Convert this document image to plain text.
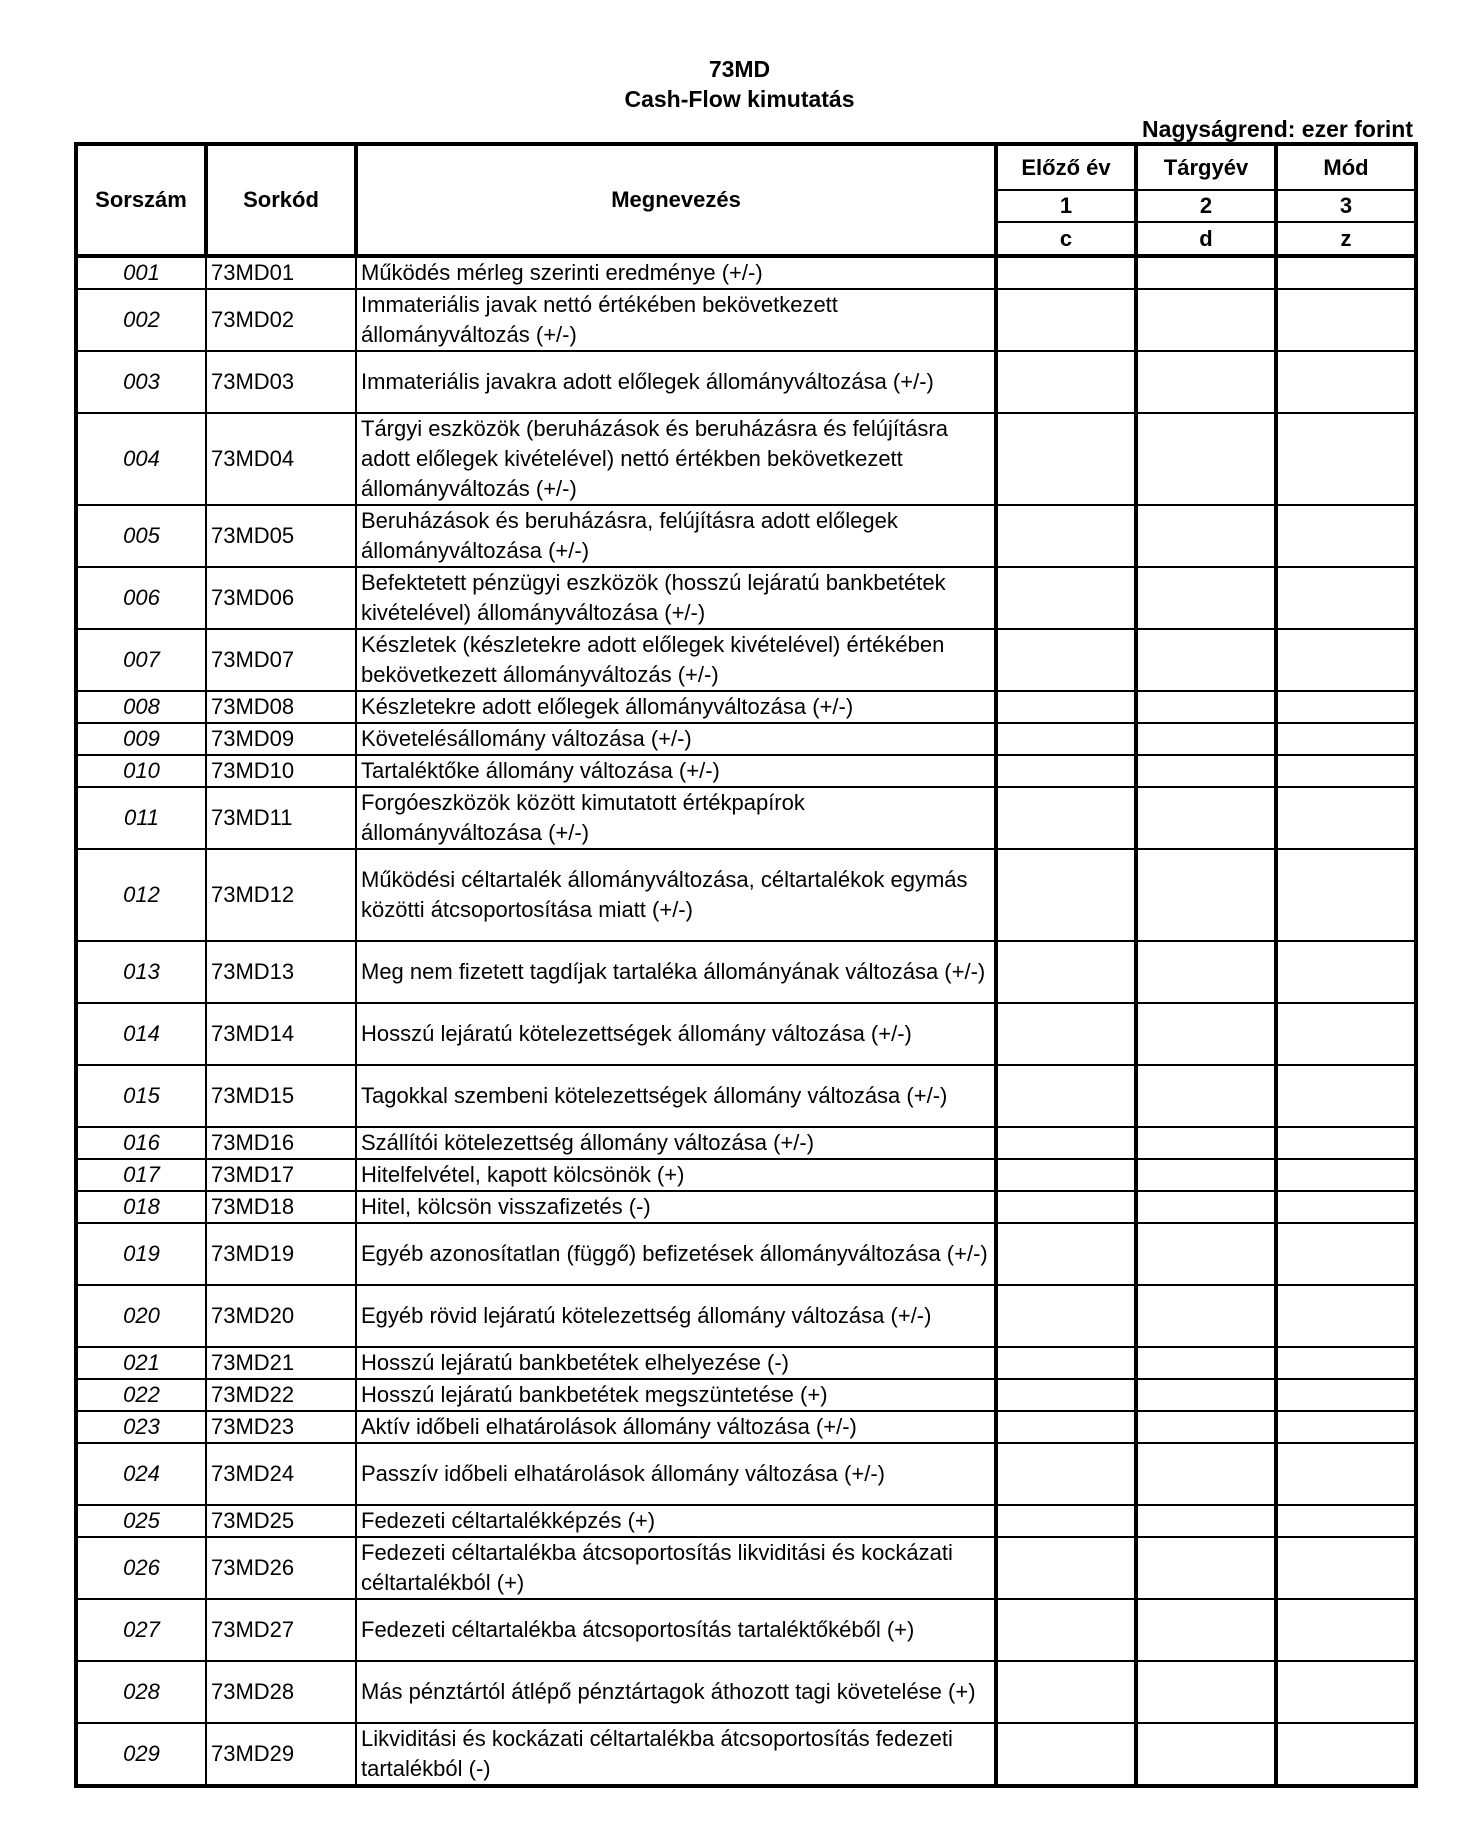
73MD
Cash-Flow kimutatás
Nagyságrend: ezer forint
Sorszám	Sorkód	Megnevezés	Előző év	Tárgyév	Mód
			1	2	3
			c	d	z
001	73MD01	Működés mérleg szerinti eredménye (+/-)			
002	73MD02	Immateriális javak nettó értékében bekövetkezett állományváltozás (+/-)			
003	73MD03	Immateriális javakra adott előlegek állományváltozása (+/-)			
004	73MD04	Tárgyi eszközök (beruházások és beruházásra és felújításra adott előlegek kivételével) nettó értékben bekövetkezett állományváltozás (+/-)			
005	73MD05	Beruházások és beruházásra, felújításra adott előlegek állományváltozása (+/-)			
006	73MD06	Befektetett pénzügyi eszközök (hosszú lejáratú bankbetétek kivételével) állományváltozása (+/-)			
007	73MD07	Készletek (készletekre adott előlegek kivételével) értékében bekövetkezett állományváltozás (+/-)			
008	73MD08	Készletekre adott előlegek állományváltozása (+/-)			
009	73MD09	Követelésállomány változása (+/-)			
010	73MD10	Tartaléktőke állomány változása (+/-)			
011	73MD11	Forgóeszközök között kimutatott értékpapírok állományváltozása (+/-)			
012	73MD12	Működési céltartalék állományváltozása, céltartalékok egymás közötti átcsoportosítása miatt (+/-)			
013	73MD13	Meg nem fizetett tagdíjak tartaléka állományának változása (+/-)			
014	73MD14	Hosszú lejáratú kötelezettségek állomány változása (+/-)			
015	73MD15	Tagokkal szembeni kötelezettségek állomány változása (+/-)			
016	73MD16	Szállítói kötelezettség állomány változása (+/-)			
017	73MD17	Hitelfelvétel, kapott kölcsönök (+)			
018	73MD18	Hitel, kölcsön visszafizetés (-)			
019	73MD19	Egyéb azonosítatlan (függő) befizetések állományváltozása (+/-)			
020	73MD20	Egyéb rövid lejáratú kötelezettség állomány változása (+/-)			
021	73MD21	Hosszú lejáratú bankbetétek elhelyezése (-)			
022	73MD22	Hosszú lejáratú bankbetétek megszüntetése (+)			
023	73MD23	Aktív időbeli elhatárolások állomány változása (+/-)			
024	73MD24	Passzív időbeli elhatárolások állomány változása (+/-)			
025	73MD25	Fedezeti céltartalékképzés (+)			
026	73MD26	Fedezeti céltartalékba átcsoportosítás likviditási és kockázati céltartalékból (+)			
027	73MD27	Fedezeti céltartalékba átcsoportosítás tartaléktőkéből (+)			
028	73MD28	Más pénztártól átlépő pénztártagok áthozott tagi követelése (+)			
029	73MD29	Likviditási és kockázati céltartalékba átcsoportosítás fedezeti tartalékból (-)			
